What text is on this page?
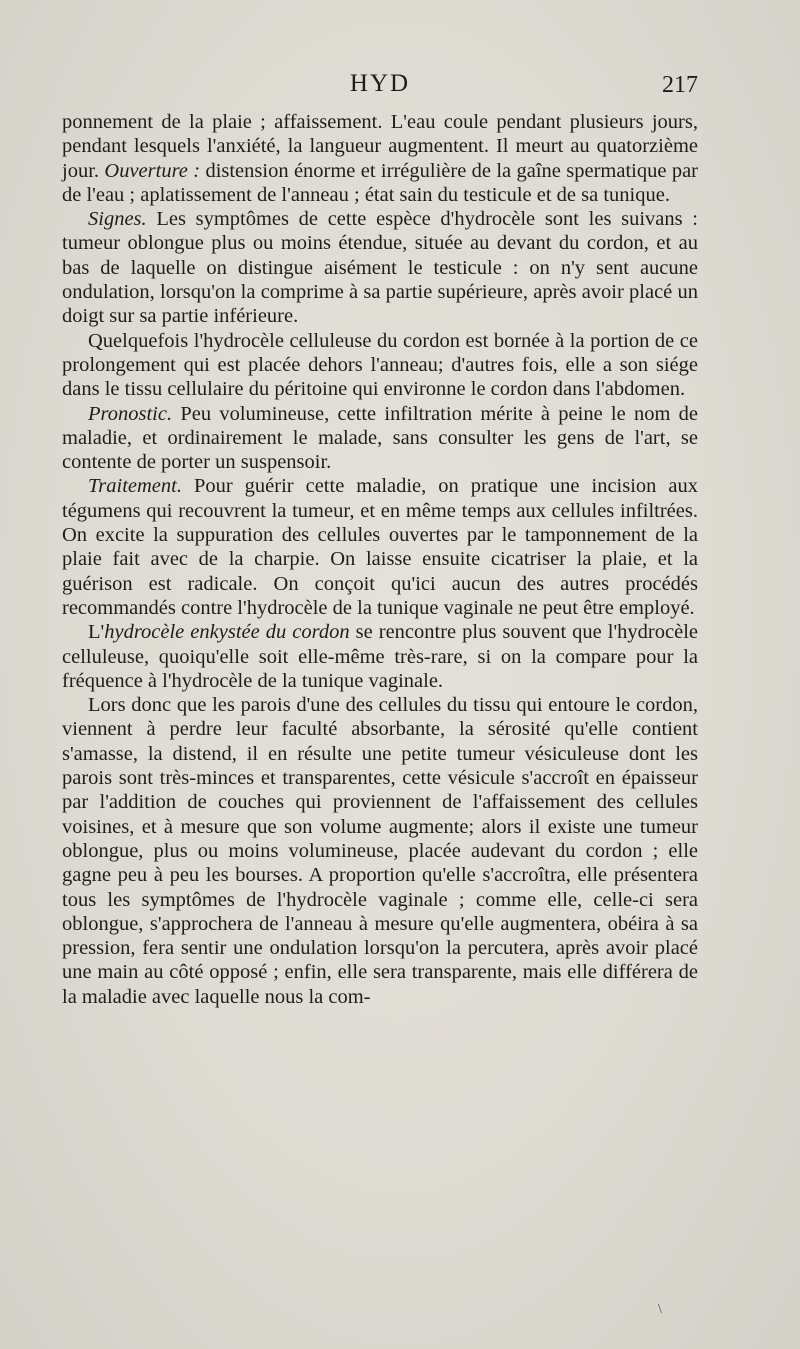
HYD	217

ponnement de la plaie ; affaissement. L'eau coule pendant plusieurs jours, pendant lesquels l'anxiété, la langueur augmentent. Il meurt au quatorzième jour. Ouverture : distension énorme et irrégulière de la gaîne spermatique par de l'eau ; aplatissement de l'anneau ; état sain du testicule et de sa tunique.

Signes. Les symptômes de cette espèce d'hydrocèle sont les suivans : tumeur oblongue plus ou moins étendue, située au devant du cordon, et au bas de laquelle on distingue aisément le testicule : on n'y sent aucune ondulation, lorsqu'on la comprime à sa partie supérieure, après avoir placé un doigt sur sa partie inférieure.

Quelquefois l'hydrocèle celluleuse du cordon est bornée à la portion de ce prolongement qui est placée dehors l'anneau; d'autres fois, elle a son siége dans le tissu cellulaire du péritoine qui environne le cordon dans l'abdomen.

Pronostic. Peu volumineuse, cette infiltration mérite à peine le nom de maladie, et ordinairement le malade, sans consulter les gens de l'art, se contente de porter un suspensoir.

Traitement. Pour guérir cette maladie, on pratique une incision aux tégumens qui recouvrent la tumeur, et en même temps aux cellules infiltrées. On excite la suppuration des cellules ouvertes par le tamponnement de la plaie fait avec de la charpie. On laisse ensuite cicatriser la plaie, et la guérison est radicale. On conçoit qu'ici aucun des autres procédés recommandés contre l'hydrocèle de la tunique vaginale ne peut être employé.

L'hydrocèle enkystée du cordon se rencontre plus souvent que l'hydrocèle celluleuse, quoiqu'elle soit elle-même très-rare, si on la compare pour la fréquence à l'hydrocèle de la tunique vaginale.

Lors donc que les parois d'une des cellules du tissu qui entoure le cordon, viennent à perdre leur faculté absorbante, la sérosité qu'elle contient s'amasse, la distend, il en résulte une petite tumeur vésiculeuse dont les parois sont très-minces et transparentes, cette vésicule s'accroît en épaisseur par l'addition de couches qui proviennent de l'affaissement des cellules voisines, et à mesure que son volume augmente; alors il existe une tumeur oblongue, plus ou moins volumineuse, placée audevant du cordon ; elle gagne peu à peu les bourses. A proportion qu'elle s'accroîtra, elle présentera tous les symptômes de l'hydrocèle vaginale ; comme elle, celle-ci sera oblongue, s'approchera de l'anneau à mesure qu'elle augmentera, obéira à sa pression, fera sentir une ondulation lorsqu'on la percutera, après avoir placé une main au côté opposé ; enfin, elle sera transparente, mais elle différera de la maladie avec laquelle nous la com-

\
